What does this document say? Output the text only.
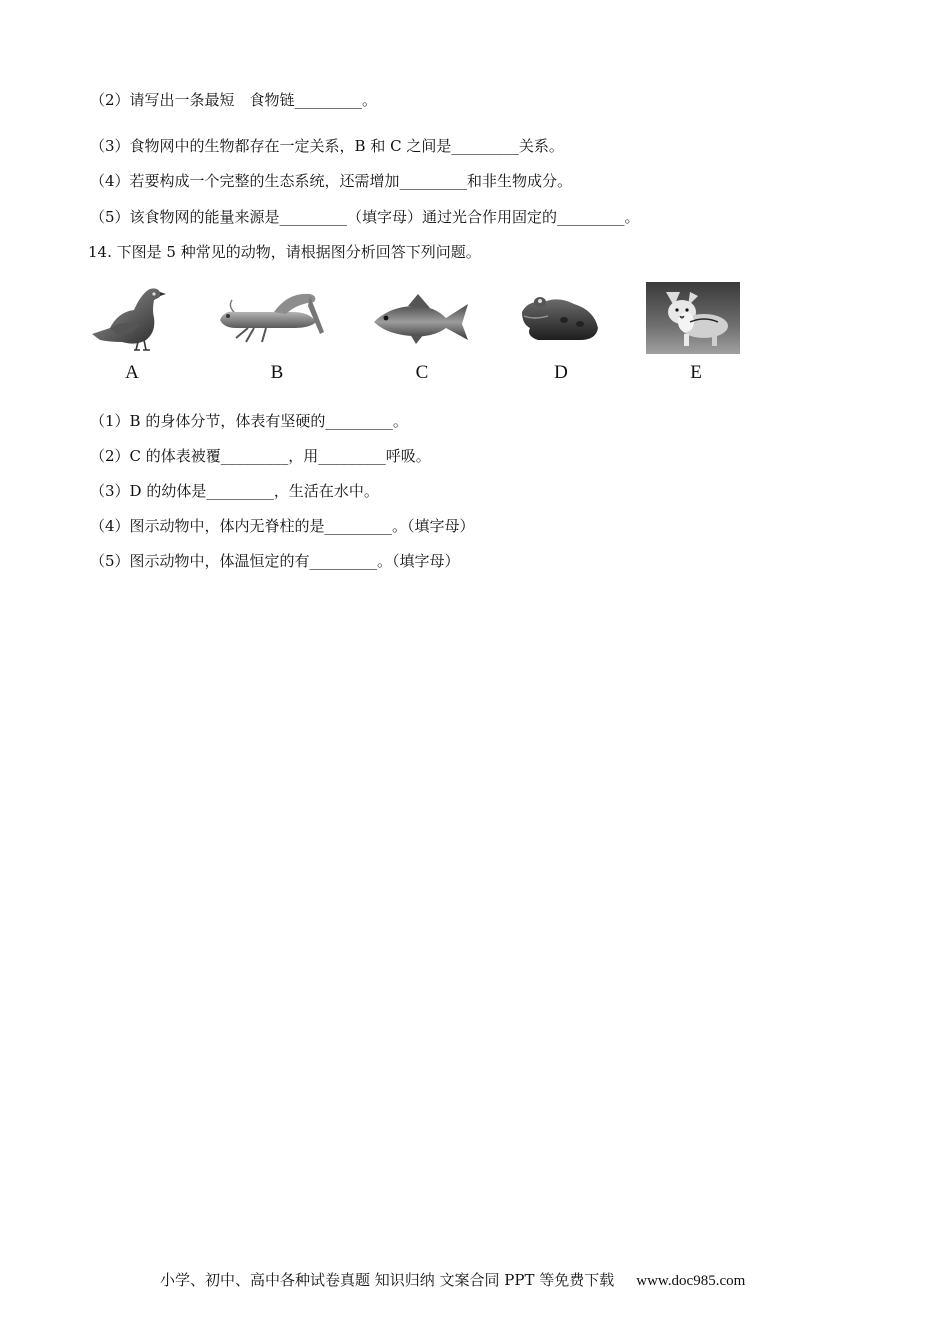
（2）请写出一条最短　食物链_________。
（3）食物网中的生物都存在一定关系，B 和 C 之间是_________关系。
（4）若要构成一个完整的生态系统，还需增加_________和非生物成分。
（5）该食物网的能量来源是_________（填字母）通过光合作用固定的_________。
14. 下图是 5 种常见的动物，请根据图分析回答下列问题。
A	B	C	D	E
（1）B 的身体分节，体表有坚硬的_________。
（2）C 的体表被覆_________，用_________呼吸。
（3）D 的幼体是_________，生活在水中。
（4）图示动物中，体内无脊柱的是_________。（填字母）
（5）图示动物中，体温恒定的有_________。（填字母）
小学、初中、高中各种试卷真题 知识归纳 文案合同 PPT 等免费下载 www.doc985.com
